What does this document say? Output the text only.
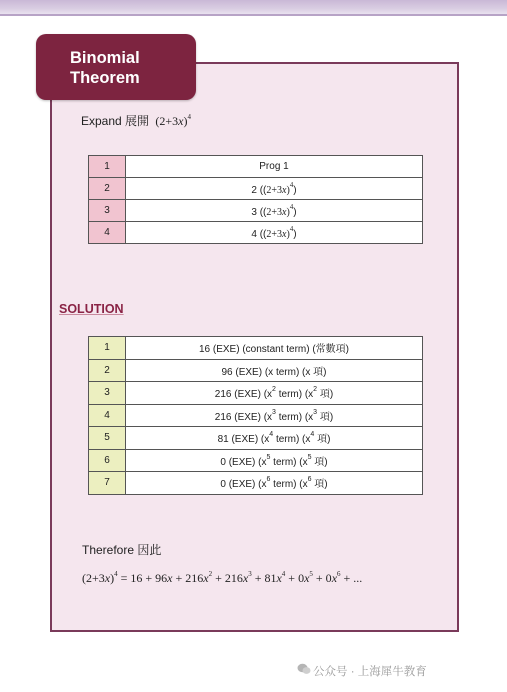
Binomial
Theorem
Expand 展開 $(2+3x)^4$
1	Prog 1
2	2 $((2+3x)^4)$
3	3 $((2+3x)^4)$
4	4 $((2+3x)^4)$
SOLUTION
1	16 (EXE) (constant term) (常數項)
2	96 (EXE) (x term) (x 項)
3	216 (EXE) ($x^2$ term) ($x^2$ 項)
4	216 (EXE) ($x^3$ term) ($x^3$ 項)
5	81 (EXE) ($x^4$ term) ($x^4$ 項)
6	0 (EXE) ($x^5$ term) ($x^5$ 項)
7	0 (EXE) ($x^6$ term) ($x^6$ 項)
Therefore 因此
$(2+3x)^4 = 16 + 96x + 216x^2 + 216x^3 + 81x^4 + 0x^5 + 0x^6$ + ...
公众号 · 上海犀牛教育
